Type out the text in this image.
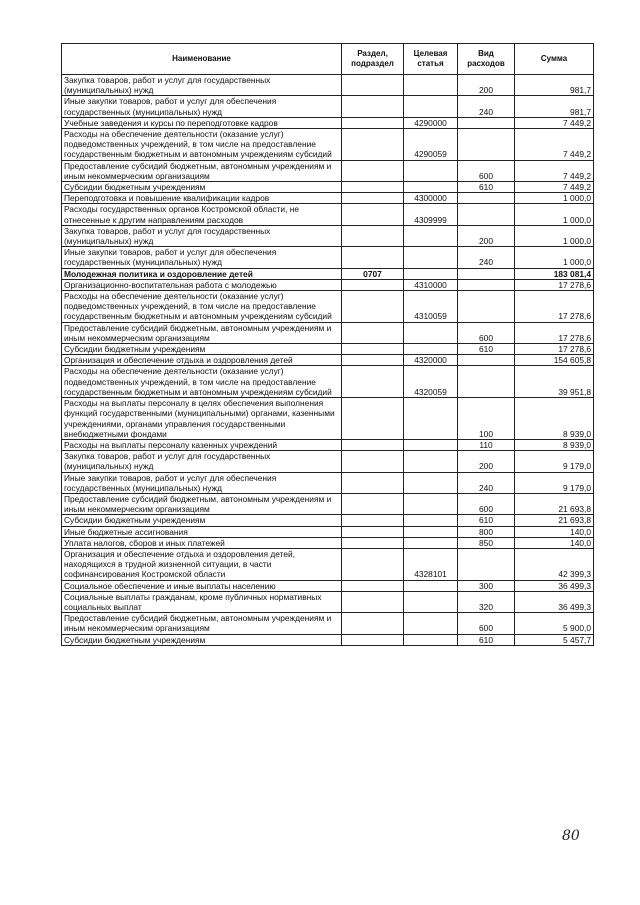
Наименование	Раздел, подраздел	Целевая статья	Вид расходов	Сумма
Закупка товаров, работ и услуг для государственных (муниципальных) нужд			200	981,7
Иные закупки товаров, работ и услуг для обеспечения государственных (муниципальных) нужд			240	981,7
Учебные заведения и курсы по переподготовке кадров		4290000		7 449,2
Расходы на обеспечение деятельности (оказание услуг) подведомственных учреждений, в том числе на предоставление государственным бюджетным и автономным учреждениям субсидий		4290059		7 449,2
Предоставление субсидий бюджетным, автономным учреждениям и иным некоммерческим организациям			600	7 449,2
Субсидии бюджетным учреждениям			610	7 449,2
Переподготовка и повышение квалификации кадров		4300000		1 000,0
Расходы государственных органов Костромской области, не отнесенные к другим направлениям расходов		4309999		1 000,0
Закупка товаров, работ и услуг для государственных (муниципальных) нужд			200	1 000,0
Иные закупки товаров, работ и услуг для обеспечения государственных (муниципальных) нужд			240	1 000,0
Молодежная политика и оздоровление детей	0707			183 081,4
Организационно-воспитательная работа с молодежью		4310000		17 278,6
Расходы на обеспечение деятельности (оказание услуг) подведомственных учреждений, в том числе на предоставление государственным бюджетным и автономным учреждениям субсидий		4310059		17 278,6
Предоставление субсидий бюджетным, автономным учреждениям и иным некоммерческим организациям			600	17 278,6
Субсидии бюджетным учреждениям			610	17 278,6
Организация и обеспечение отдыха и оздоровления детей		4320000		154 605,8
Расходы на обеспечение деятельности (оказание услуг) подведомственных учреждений, в том числе на предоставление государственным бюджетным и автономным учреждениям субсидий		4320059		39 951,8
Расходы на выплаты персоналу в целях обеспечения выполнения функций государственными (муниципальными) органами, казенными учреждениями, органами управления государственными внебюджетными фондами			100	8 939,0
Расходы на выплаты персоналу казенных учреждений			110	8 939,0
Закупка товаров, работ и услуг для государственных (муниципальных) нужд			200	9 179,0
Иные закупки товаров, работ и услуг для обеспечения государственных (муниципальных) нужд			240	9 179,0
Предоставление субсидий бюджетным, автономным учреждениям и иным некоммерческим организациям			600	21 693,8
Субсидии бюджетным учреждениям			610	21 693,8
Иные бюджетные ассигнования			800	140,0
Уплата налогов, сборов и иных платежей			850	140,0
Организация и обеспечение отдыха и оздоровления детей, находящихся в трудной жизненной ситуации, в части софинансирования Костромской области		4328101		42 399,3
Социальное обеспечение и иные выплаты населению			300	36 499,3
Социальные выплаты гражданам, кроме публичных нормативных социальных выплат			320	36 499,3
Предоставление субсидий бюджетным, автономным учреждениям и иным некоммерческим организациям			600	5 900,0
Субсидии бюджетным учреждениям			610	5 457,7
80
